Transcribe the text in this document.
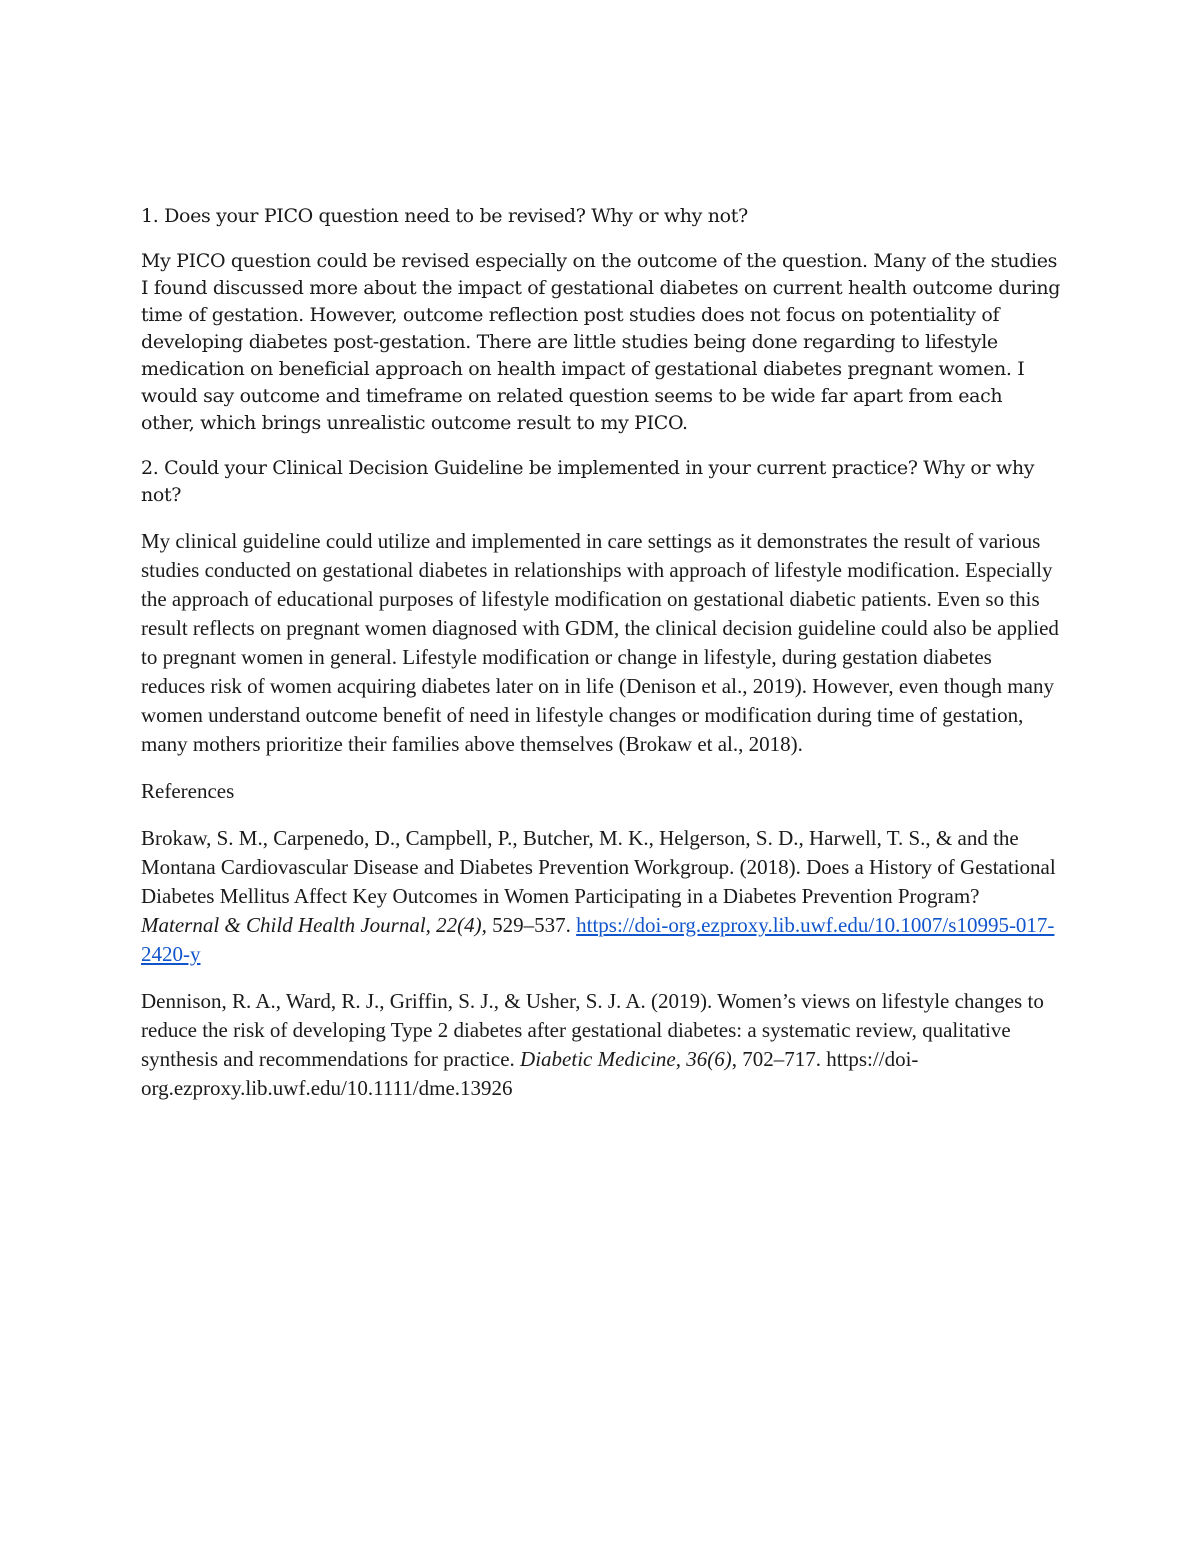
1. Does your PICO question need to be revised? Why or why not?

My PICO question could be revised especially on the outcome of the question. Many of the studies I found discussed more about the impact of gestational diabetes on current health outcome during time of gestation. However, outcome reflection post studies does not focus on potentiality of developing diabetes post-gestation. There are little studies being done regarding to lifestyle medication on beneficial approach on health impact of gestational diabetes pregnant women. I would say outcome and timeframe on related question seems to be wide far apart from each other, which brings unrealistic outcome result to my PICO.

2. Could your Clinical Decision Guideline be implemented in your current practice? Why or why not?

My clinical guideline could utilize and implemented in care settings as it demonstrates the result of various studies conducted on gestational diabetes in relationships with approach of lifestyle modification. Especially the approach of educational purposes of lifestyle modification on gestational diabetic patients. Even so this result reflects on pregnant women diagnosed with GDM, the clinical decision guideline could also be applied to pregnant women in general. Lifestyle modification or change in lifestyle, during gestation diabetes reduces risk of women acquiring diabetes later on in life (Denison et al., 2019). However, even though many women understand outcome benefit of need in lifestyle changes or modification during time of gestation, many mothers prioritize their families above themselves (Brokaw et al., 2018).

References

Brokaw, S. M., Carpenedo, D., Campbell, P., Butcher, M. K., Helgerson, S. D., Harwell, T. S., & and the Montana Cardiovascular Disease and Diabetes Prevention Workgroup. (2018). Does a History of Gestational Diabetes Mellitus Affect Key Outcomes in Women Participating in a Diabetes Prevention Program? Maternal & Child Health Journal, 22(4), 529–537. https://doi-org.ezproxy.lib.uwf.edu/10.1007/s10995-017-2420-y

Dennison, R. A., Ward, R. J., Griffin, S. J., & Usher, S. J. A. (2019). Women’s views on lifestyle changes to reduce the risk of developing Type 2 diabetes after gestational diabetes: a systematic review, qualitative synthesis and recommendations for practice. Diabetic Medicine, 36(6), 702–717. https://doi-org.ezproxy.lib.uwf.edu/10.1111/dme.13926
